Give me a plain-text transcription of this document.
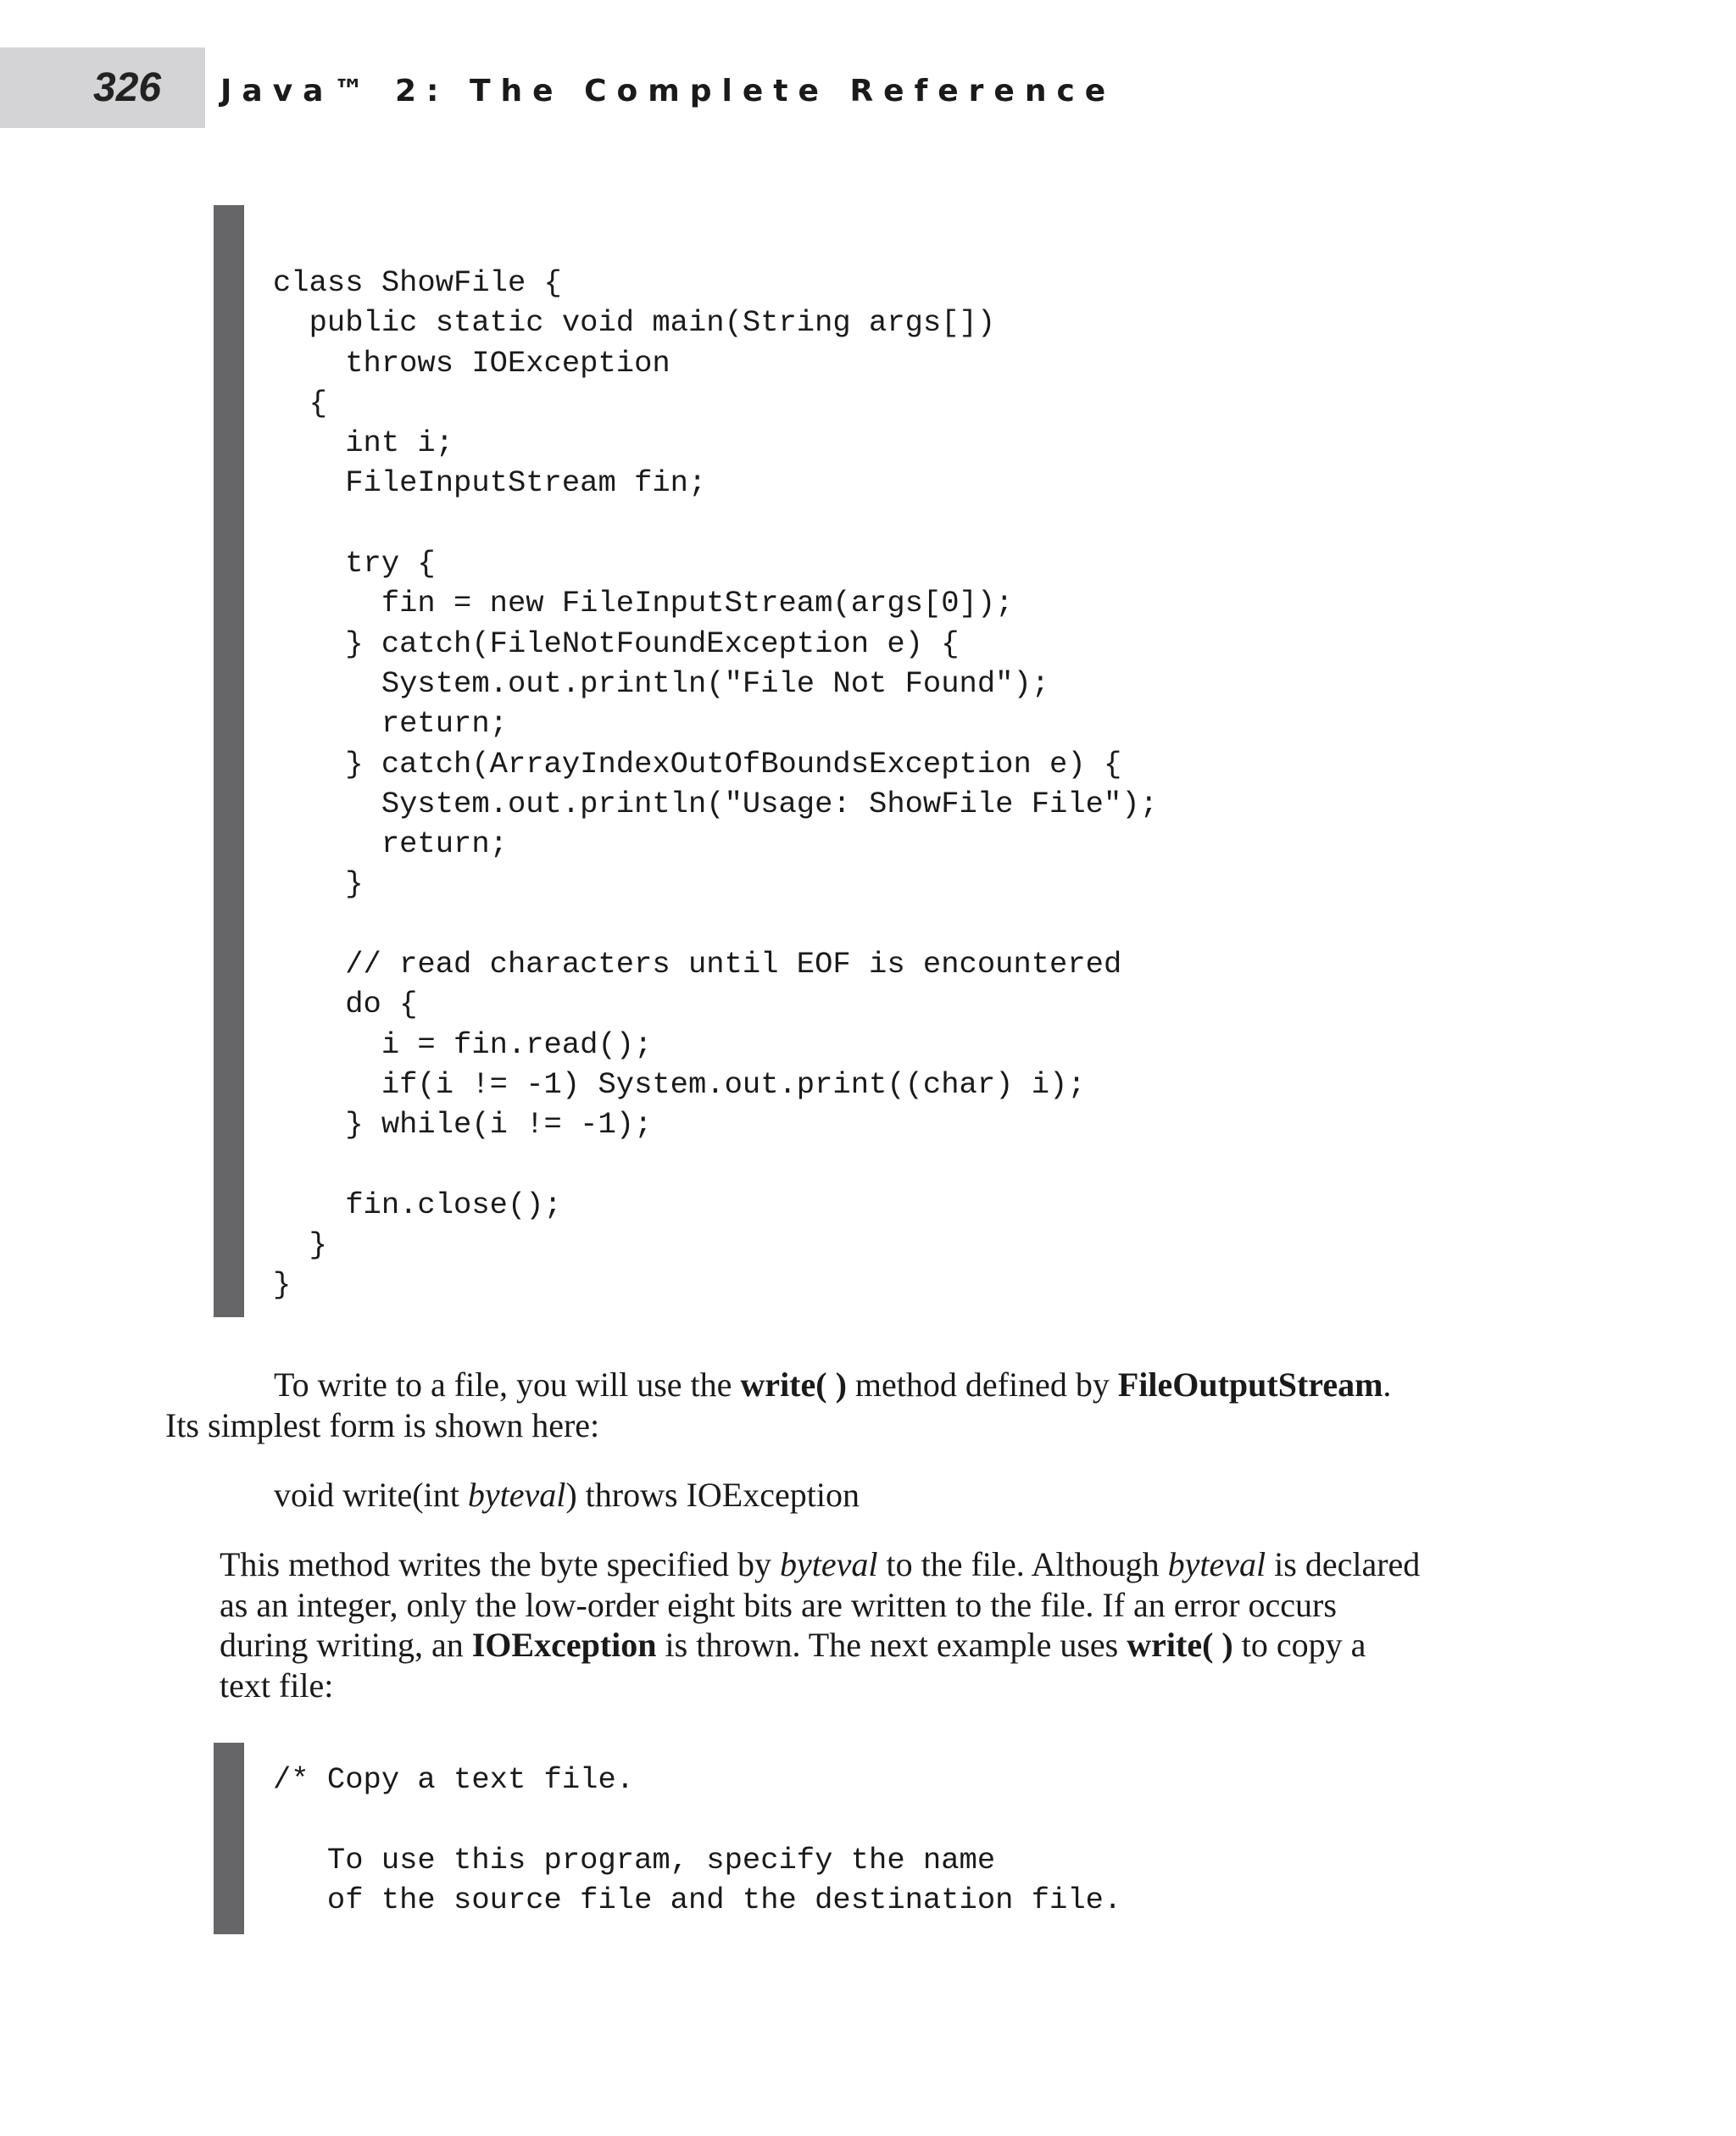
326 Java™ 2: The Complete Reference
class ShowFile {
public static void main(String args[])
throws IOException
{
int i;
FileInputStream fin;

try {
fin = new FileInputStream(args[0]);
} catch(FileNotFoundException e) {
System.out.println("File Not Found");
return;
} catch(ArrayIndexOutOfBoundsException e) {
System.out.println("Usage: ShowFile File");
return;
}

// read characters until EOF is encountered
do {
i = fin.read();
if(i != -1) System.out.print((char) i);
} while(i != -1);

fin.close();
}
}

To write to a file, you will use the write( ) method defined by FileOutputStream.
Its simplest form is shown here:

void write(int byteval) throws IOException

This method writes the byte specified by byteval to the file. Although byteval is declared
as an integer, only the low-order eight bits are written to the file. If an error occurs
during writing, an IOException is thrown. The next example uses write( ) to copy a
text file:

/* Copy a text file.

To use this program, specify the name
of the source file and the destination file.
